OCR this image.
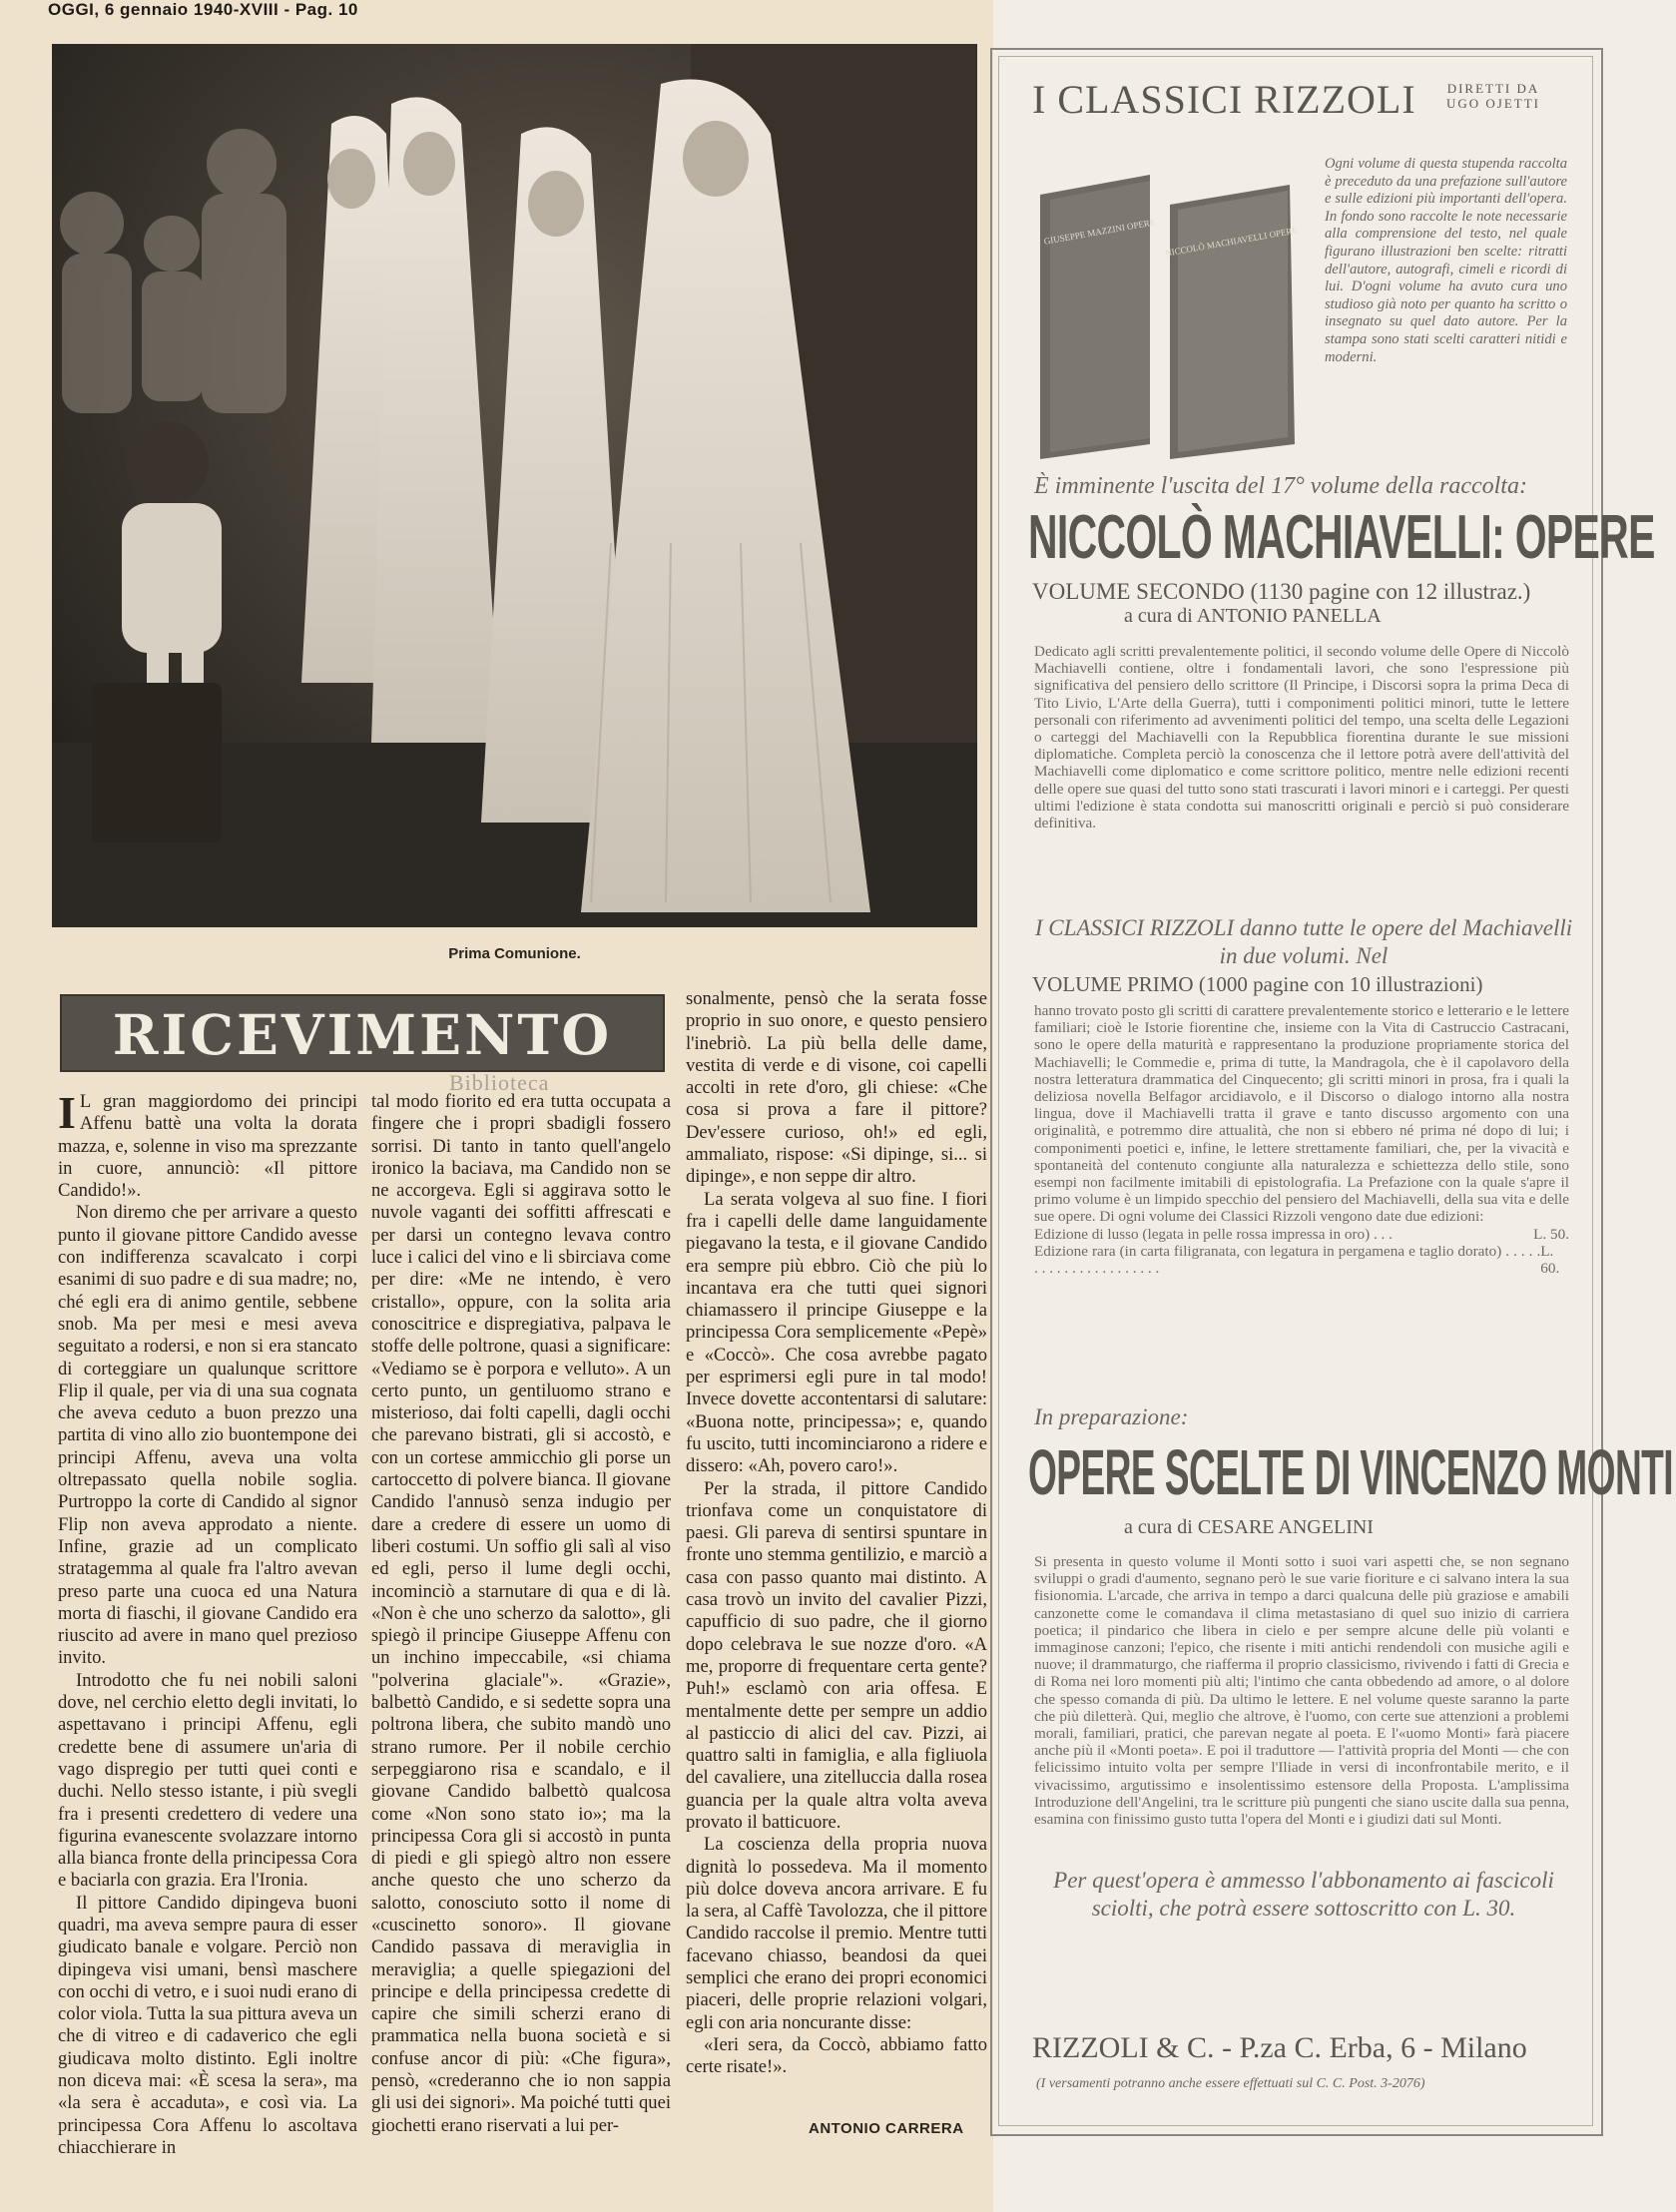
OGGI, 6 gennaio 1940-XVIII - Pag. 10
Prima Comunione.
RICEVIMENTO
Biblioteca

I L gran maggiordomo dei principi Affenu battè una volta la dorata mazza, e, solenne in viso ma sprezzante in cuore, annunciò: «Il pittore Candido!».

Non diremo che per arrivare a questo punto il giovane pittore Candido avesse con indifferenza scavalcato i corpi esanimi di suo padre e di sua madre; no, ché egli era di animo gentile, sebbene snob. Ma per mesi e mesi aveva seguitato a rodersi, e non si era stancato di corteggiare un qualunque scrittore Flip il quale, per via di una sua cognata che aveva ceduto a buon prezzo una partita di vino allo zio buontempone dei principi Affenu, aveva una volta oltrepassato quella nobile soglia. Purtroppo la corte di Candido al signor Flip non aveva approdato a niente. Infine, grazie ad un complicato stratagemma al quale fra l'altro avevan preso parte una cuoca ed una Natura morta di fiaschi, il giovane Candido era riuscito ad avere in mano quel prezioso invito.

Introdotto che fu nei nobili saloni dove, nel cerchio eletto degli invitati, lo aspettavano i principi Affenu, egli credette bene di assumere un'aria di vago dispregio per tutti quei conti e duchi. Nello stesso istante, i più svegli fra i presenti credettero di vedere una figurina evanescente svolazzare intorno alla bianca fronte della principessa Cora e baciarla con grazia. Era l'Ironia.

Il pittore Candido dipingeva buoni quadri, ma aveva sempre paura di esser giudicato banale e volgare. Perciò non dipingeva visi umani, bensì maschere con occhi di vetro, e i suoi nudi erano di color viola. Tutta la sua pittura aveva un che di vitreo e di cadaverico che egli giudicava molto distinto. Egli inoltre non diceva mai: «È scesa la sera», ma «la sera è accaduta», e così via. La principessa Cora Affenu lo ascoltava chiacchierare in

tal modo fiorito ed era tutta occupata a fingere che i propri sbadigli fossero sorrisi. Di tanto in tanto quell'angelo ironico la baciava, ma Candido non se ne accorgeva. Egli si aggirava sotto le nuvole vaganti dei soffitti affrescati e per darsi un contegno levava contro luce i calici del vino e li sbirciava come per dire: «Me ne intendo, è vero cristallo», oppure, con la solita aria conoscitrice e dispregiativa, palpava le stoffe delle poltrone, quasi a significare: «Vediamo se è porpora e velluto». A un certo punto, un gentiluomo strano e misterioso, dai folti capelli, dagli occhi che parevano bistrati, gli si accostò, e con un cortese ammicchio gli porse un cartoccetto di polvere bianca. Il giovane Candido l'annusò senza indugio per dare a credere di essere un uomo di liberi costumi. Un soffio gli salì al viso ed egli, perso il lume degli occhi, incominciò a starnutare di qua e di là. «Non è che uno scherzo da salotto», gli spiegò il principe Giuseppe Affenu con un inchino impeccabile, «si chiama "polverina glaciale"». «Grazie», balbettò Candido, e si sedette sopra una poltrona libera, che subito mandò uno strano rumore. Per il nobile cerchio serpeggiarono risa e scandalo, e il giovane Candido balbettò qualcosa come «Non sono stato io»; ma la principessa Cora gli si accostò in punta di piedi e gli spiegò altro non essere anche questo che uno scherzo da salotto, conosciuto sotto il nome di «cuscinetto sonoro». Il giovane Candido passava di meraviglia in meraviglia; a quelle spiegazioni del principe e della principessa credette di capire che simili scherzi erano di prammatica nella buona società e si confuse ancor di più: «Che figura», pensò, «crederanno che io non sappia gli usi dei signori». Ma poiché tutti quei giochetti erano riservati a lui per-

sonalmente, pensò che la serata fosse proprio in suo onore, e questo pensiero l'inebriò. La più bella delle dame, vestita di verde e di visone, coi capelli accolti in rete d'oro, gli chiese: «Che cosa si prova a fare il pittore? Dev'essere curioso, oh!» ed egli, ammaliato, rispose: «Si dipinge, si... si dipinge», e non seppe dir altro.

La serata volgeva al suo fine. I fiori fra i capelli delle dame languidamente piegavano la testa, e il giovane Candido era sempre più ebbro. Ciò che più lo incantava era che tutti quei signori chiamassero il principe Giuseppe e la principessa Cora semplicemente «Pepè» e «Coccò». Che cosa avrebbe pagato per esprimersi egli pure in tal modo! Invece dovette accontentarsi di salutare: «Buona notte, principessa»; e, quando fu uscito, tutti incominciarono a ridere e dissero: «Ah, povero caro!».

Per la strada, il pittore Candido trionfava come un conquistatore di paesi. Gli pareva di sentirsi spuntare in fronte uno stemma gentilizio, e marciò a casa con passo quanto mai distinto. A casa trovò un invito del cavalier Pizzi, capufficio di suo padre, che il giorno dopo celebrava le sue nozze d'oro. «A me, proporre di frequentare certa gente? Puh!» esclamò con aria offesa. E mentalmente dette per sempre un addio al pasticcio di alici del cav. Pizzi, ai quattro salti in famiglia, e alla figliuola del cavaliere, una zitelluccia dalla rosea guancia per la quale altra volta aveva provato il batticuore.

La coscienza della propria nuova dignità lo possedeva. Ma il momento più dolce doveva ancora arrivare. E fu la sera, al Caffè Tavolozza, che il pittore Candido raccolse il premio. Mentre tutti facevano chiasso, beandosi da quei semplici che erano dei propri economici piaceri, delle proprie relazioni volgari, egli con aria noncurante disse:

«Ieri sera, da Coccò, abbiamo fatto certe risate!».

ANTONIO CARRERA
I CLASSICI RIZZOLI DIRETTI DA
UGO OJETTI
GIUSEPPE MAZZINI OPERE NICCOLÒ MACHIAVELLI OPERE
Ogni volume di questa stupenda raccolta è preceduto da una prefazione sull'autore e sulle edizioni più importanti dell'opera. In fondo sono raccolte le note necessarie alla comprensione del testo, nel quale figurano illustrazioni ben scelte: ritratti dell'autore, autografi, cimeli e ricordi di lui. D'ogni volume ha avuto cura uno studioso già noto per quanto ha scritto o insegnato su quel dato autore. Per la stampa sono stati scelti caratteri nitidi e moderni.
È imminente l'uscita del 17° volume della raccolta:
NICCOLÒ MACHIAVELLI: OPERE
VOLUME SECONDO (1130 pagine con 12 illustraz.)
a cura di ANTONIO PANELLA

Dedicato agli scritti prevalentemente politici, il secondo volume delle Opere di Niccolò Machiavelli contiene, oltre i fondamentali lavori, che sono l'espressione più significativa del pensiero dello scrittore (Il Principe, i Discorsi sopra la prima Deca di Tito Livio, L'Arte della Guerra), tutti i componimenti politici minori, tutte le lettere personali con riferimento ad avvenimenti politici del tempo, una scelta delle Legazioni o carteggi del Machiavelli con la Repubblica fiorentina durante le sue missioni diplomatiche. Completa perciò la conoscenza che il lettore potrà avere dell'attività del Machiavelli come diplomatico e come scrittore politico, mentre nelle edizioni recenti delle opere sue quasi del tutto sono stati trascurati i lavori minori e i carteggi. Per questi ultimi l'edizione è stata condotta sui manoscritti originali e perciò si può considerare definitiva.

I CLASSICI RIZZOLI danno tutte le opere del Machiavelli in due volumi. Nel
VOLUME PRIMO (1000 pagine con 10 illustrazioni)

hanno trovato posto gli scritti di carattere prevalentemente storico e letterario e le lettere familiari; cioè le Istorie fiorentine che, insieme con la Vita di Castruccio Castracani, sono le opere della maturità e rappresentano la produzione propriamente storica del Machiavelli; le Commedie e, prima di tutte, la Mandragola, che è il capolavoro della nostra letteratura drammatica del Cinquecento; gli scritti minori in prosa, fra i quali la deliziosa novella Belfagor arcidiavolo, e il Discorso o dialogo intorno alla nostra lingua, dove il Machiavelli tratta il grave e tanto discusso argomento con una originalità, e potremmo dire attualità, che non si ebbero né prima né dopo di lui; i componimenti poetici e, infine, le lettere strettamente familiari, che, per la vivacità e spontaneità del contenuto congiunte alla naturalezza e schiettezza dello stile, sono esempi non facilmente imitabili di epistolografia. La Prefazione con la quale s'apre il primo volume è un limpido specchio del pensiero del Machiavelli, della sua vita e delle sue opere. Di ogni volume dei Classici Rizzoli vengono date due edizioni:

Edizione di lusso (legata in pelle rossa impressa in oro) . . .	L. 50.
Edizione rara (in carta filigranata, con legatura in pergamena e taglio dorato) . . . . . . . . . . . . . . . . . . . . . .
L. 60.
In preparazione:
OPERE SCELTE DI VINCENZO MONTI
a cura di CESARE ANGELINI

Si presenta in questo volume il Monti sotto i suoi vari aspetti che, se non segnano sviluppi o gradi d'aumento, segnano però le sue varie fioriture e ci salvano intera la sua fisionomia. L'arcade, che arriva in tempo a darci qualcuna delle più graziose e amabili canzonette come le comandava il clima metastasiano di quel suo inizio di carriera poetica; il pindarico che libera in cielo e per sempre alcune delle più volanti e immaginose canzoni; l'epico, che risente i miti antichi rendendoli con musiche agili e nuove; il drammaturgo, che riafferma il proprio classicismo, rivivendo i fatti di Grecia e di Roma nei loro momenti più alti; l'intimo che canta obbedendo ad amore, o al dolore che spesso comanda di più. Da ultimo le lettere. E nel volume queste saranno la parte che più diletterà. Qui, meglio che altrove, è l'uomo, con certe sue attenzioni a problemi morali, familiari, pratici, che parevan negate al poeta. E l'«uomo Monti» farà piacere anche più il «Monti poeta». E poi il traduttore — l'attività propria del Monti — che con felicissimo intuito volta per sempre l'Iliade in versi di inconfrontabile merito, e il vivacissimo, argutissimo e insolentissimo estensore della Proposta. L'amplissima Introduzione dell'Angelini, tra le scritture più pungenti che siano uscite dalla sua penna, esamina con finissimo gusto tutta l'opera del Monti e i giudizi dati sul Monti.

Per quest'opera è ammesso l'abbonamento ai fascicoli sciolti, che potrà essere sottoscritto con L. 30.
RIZZOLI & C. - P.za C. Erba, 6 - Milano
(I versamenti potranno anche essere effettuati sul C. C. Post. 3-2076)
